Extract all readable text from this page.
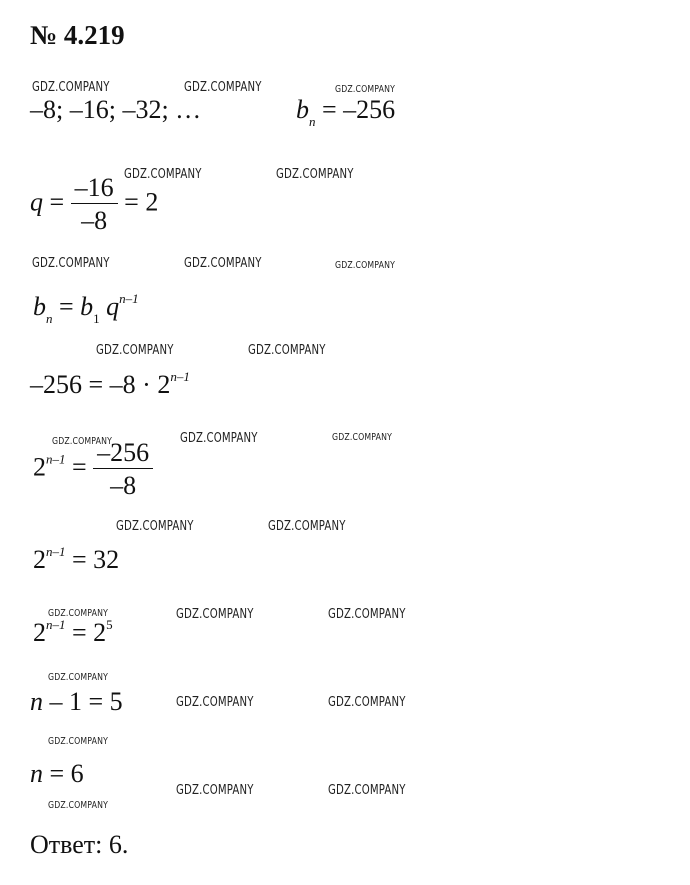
№ 4.219
–8; –16; –32; …	$b_n = -256$
$q = \frac{-16}{-8} = 2$
$b_n = b_1$ $q^{n-1}$
$-256 = -8 \cdot 2^{n-1}$
$2^{n-1} = \frac{-256}{-8}$
$2^{n-1} = 32$
$2^{n-1} = 2^5$
n – 1 = 5
n = 6
Ответ: 6.
GDZ.COMPANY	GDZ.COMPANY	GDZ.COMPANY
GDZ.COMPANY	GDZ.COMPANY
GDZ.COMPANY	GDZ.COMPANY	GDZ.COMPANY
GDZ.COMPANY	GDZ.COMPANY
GDZ.COMPANY	GDZ.COMPANY	GDZ.COMPANY
GDZ.COMPANY	GDZ.COMPANY
GDZ.COMPANY	GDZ.COMPANY	GDZ.COMPANY
GDZ.COMPANY
GDZ.COMPANY	GDZ.COMPANY
GDZ.COMPANY
GDZ.COMPANY	GDZ.COMPANY
GDZ.COMPANY
